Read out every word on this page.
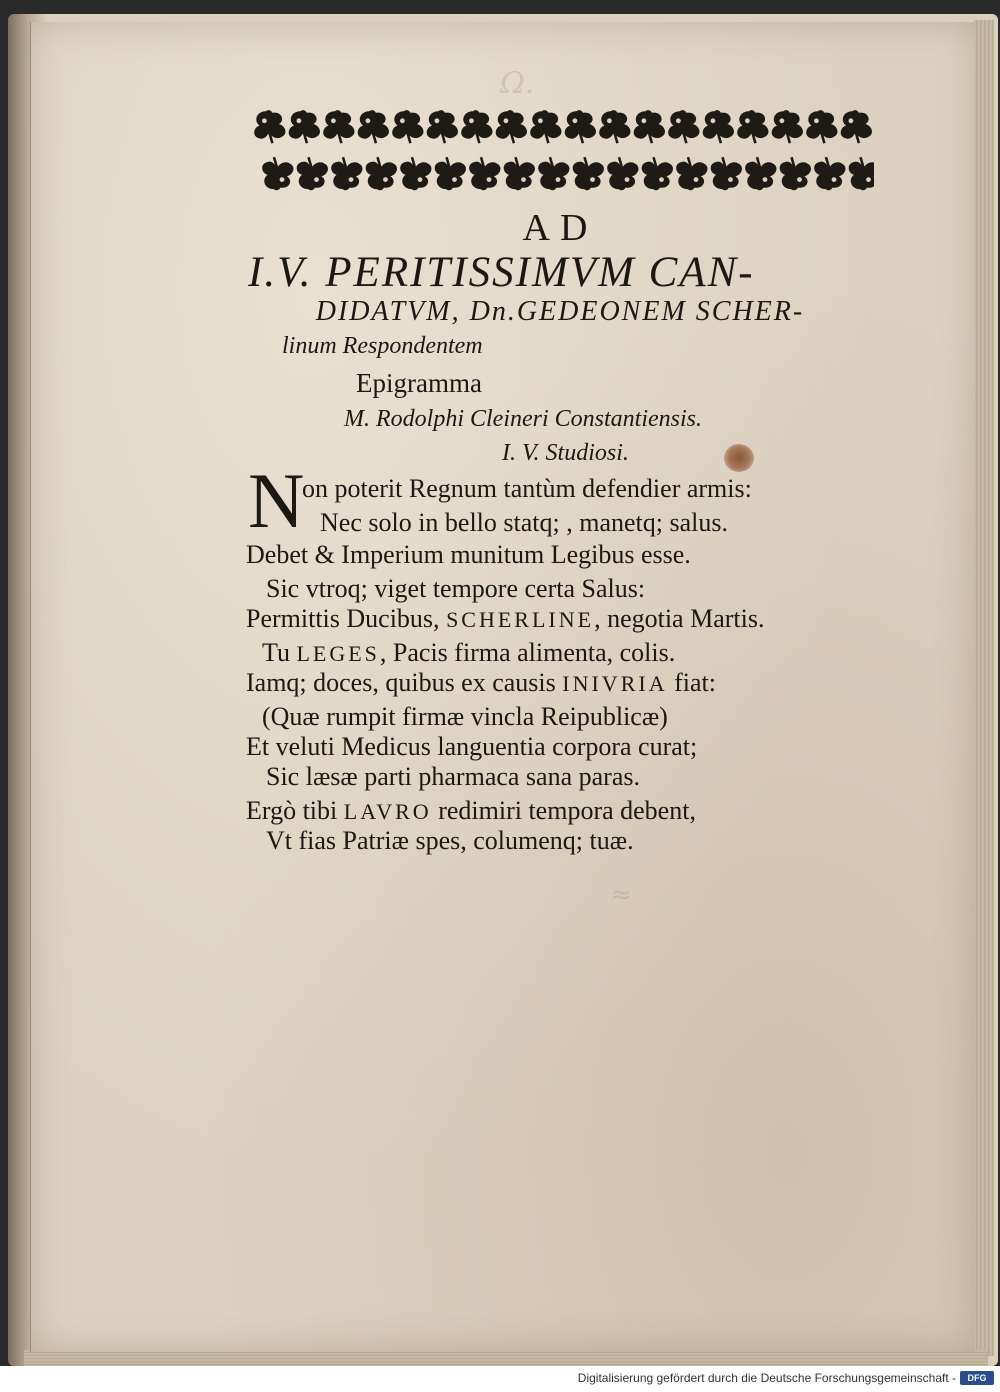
AD
I.V. PERITISSIMVM CAN-
DIDATVM, Dn.GEDEONEM SCHER-
linum Respondentem
Epigramma
M. Rodolphi Cleineri Constantiensis.
I. V. Studiosi.
N
on poterit Regnum tantùm defendier armis:
Nec solo in bello statq; , manetq; salus.
Debet & Imperium munitum Legibus esse.
Sic vtroq; viget tempore certa Salus:
Permittis Ducibus, SCHERLINE, negotia Martis.
Tu LEGES, Pacis firma alimenta, colis.
Iamq; doces, quibus ex causis INIVRIA fiat:
(Quæ rumpit firmæ vincla Reipublicæ)
Et veluti Medicus languentia corpora curat;
Sic læsæ parti pharmaca sana paras.
Ergò tibi LAVRO redimiri tempora debent,
Vt fias Patriæ spes, columenq; tuæ.
Digitalisierung gefördert durch die Deutsche Forschungsgemeinschaft -	DFG
